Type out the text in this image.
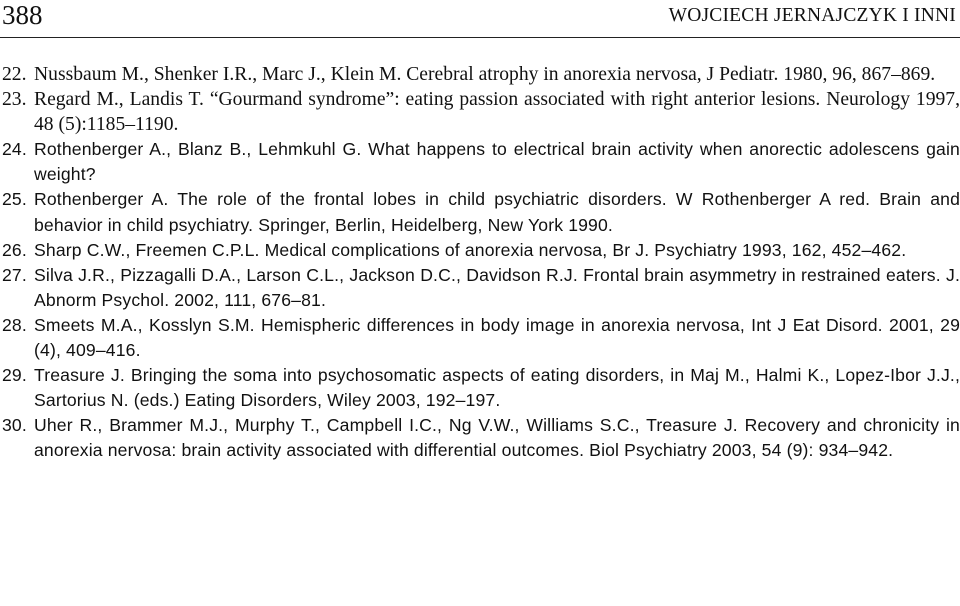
388	WOJCIECH JERNAJCZYK I INNI
22. Nussbaum M., Shenker I.R., Marc J., Klein M. Cerebral atrophy in anorexia nervosa, J Pediatr. 1980, 96, 867–869.
23. Regard M., Landis T. “Gourmand syndrome”: eating passion associated with right anterior lesions. Neurology 1997, 48 (5):1185–1190.
24. Rothenberger A., Blanz B., Lehmkuhl G. What happens to electrical brain activity when anorectic adolescens gain weight?
25. Rothenberger A. The role of the frontal lobes in child psychiatric disorders. W Rothenberger A red. Brain and behavior in child psychiatry. Springer, Berlin, Heidelberg, New York 1990.
26. Sharp C.W., Freemen C.P.L. Medical complications of anorexia nervosa, Br J. Psychiatry 1993, 162, 452–462.
27. Silva J.R., Pizzagalli D.A., Larson C.L., Jackson D.C., Davidson R.J. Frontal brain asymmetry in restrained eaters. J. Abnorm Psychol. 2002, 111, 676–81.
28. Smeets M.A., Kosslyn S.M. Hemispheric differences in body image in anorexia nervosa, Int J Eat Disord. 2001, 29 (4), 409–416.
29. Treasure J. Bringing the soma into psychosomatic aspects of eating disorders, in Maj M., Halmi K., Lopez-Ibor J.J., Sartorius N. (eds.) Eating Disorders, Wiley 2003, 192–197.
30. Uher R., Brammer M.J., Murphy T., Campbell I.C., Ng V.W., Williams S.C., Treasure J. Recovery and chronicity in anorexia nervosa: brain activity associated with differential outcomes. Biol Psychiatry 2003, 54 (9): 934–942.
